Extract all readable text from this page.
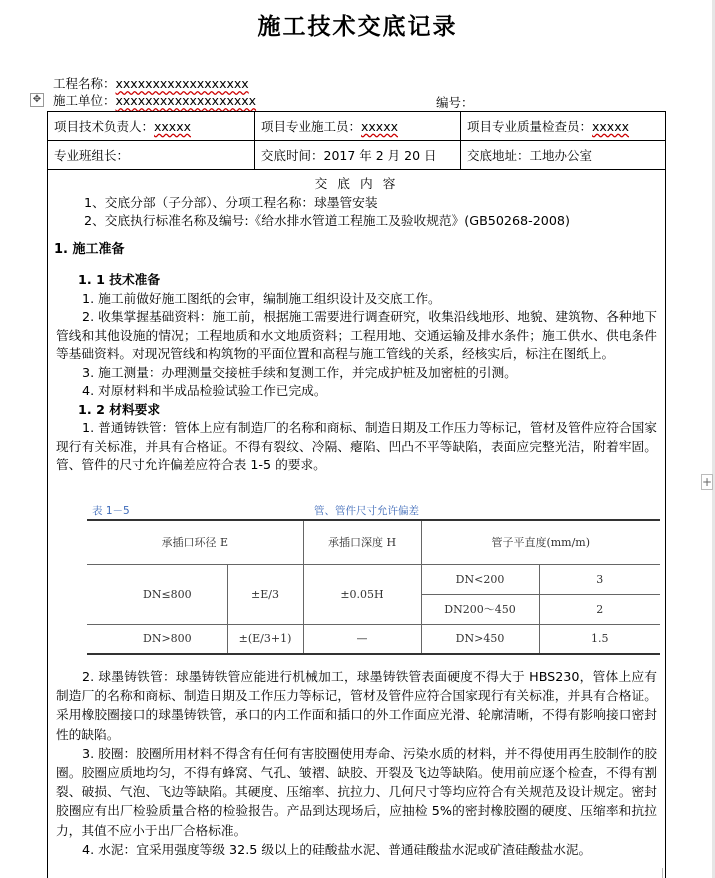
施工技术交底记录
工程名称：xxxxxxxxxxxxxxxxxx
施工单位：xxxxxxxxxxxxxxxxxxx	编号：
✥
+
项目技术负责人： xxxxx	项目专业施工员： xxxxx	项目专业质量检查员： xxxxx
专业班组长：	交底时间：2017 年 2 月 20 日 交底地址：工地办公室
交 底 内 容

1、交底分部（子分部）、分项工程名称：球墨管安装

2、交底执行标准名称及编号:《给水排水管道工程施工及验收规范》(GB50268-2008)

1. 施工准备
1. 1 技术准备

1. 施工前做好施工图纸的会审，编制施工组织设计及交底工作。

2. 收集掌握基础资料：施工前，根据施工需要进行调查研究，收集沿线地形、地貌、建筑物、各种地下管线和其他设施的情况；工程地质和水文地质资料；工程用地、交通运输及排水条件；施工供水、供电条件等基础资料。对现况管线和构筑物的平面位置和高程与施工管线的关系，经核实后，标注在图纸上。

3. 施工测量：办理测量交接桩手续和复测工作，并完成护桩及加密桩的引测。

4. 对原材料和半成品检验试验工作已完成。

1. 2 材料要求

1. 普通铸铁管：管体上应有制造厂的名称和商标、制造日期及工作压力等标记，管材及管件应符合国家现行有关标准，并具有合格证。不得有裂纹、冷隔、瘪陷、凹凸不平等缺陷，表面应完整光洁，附着牢固。管、管件的尺寸允许偏差应符合表 1-5 的要求。

表 1－5	管、管件尺寸允许偏差
承插口环径 E		承插口深度 H	管子平直度(mm/m)	
DN≤800	±E/3	±0.05H	DN<200	3
			DN200～450	2
DN>800	±(E/3+1)	—	DN>450	1.5

2. 球墨铸铁管：球墨铸铁管应能进行机械加工，球墨铸铁管表面硬度不得大于 HBS230，管体上应有制造厂的名称和商标、制造日期及工作压力等标记，管材及管件应符合国家现行有关标准，并具有合格证。采用橡胶圈接口的球墨铸铁管，承口的内工作面和插口的外工作面应光滑、轮廓清晰，不得有影响接口密封性的缺陷。

3. 胶圈：胶圈所用材料不得含有任何有害胶圈使用寿命、污染水质的材料，并不得使用再生胶制作的胶圈。胶圈应质地均匀，不得有蜂窝、气孔、皱褶、缺胶、开裂及飞边等缺陷。使用前应逐个检查，不得有割裂、破损、气泡、飞边等缺陷。其硬度、压缩率、抗拉力、几何尺寸等均应符合有关规范及设计规定。密封胶圈应有出厂检验质量合格的检验报告。产品到达现场后，应抽检 5%的密封橡胶圈的硬度、压缩率和抗拉力，其值不应小于出厂合格标准。

4. 水泥：宜采用强度等级 32.5 级以上的硅酸盐水泥、普通硅酸盐水泥或矿渣硅酸盐水泥。
